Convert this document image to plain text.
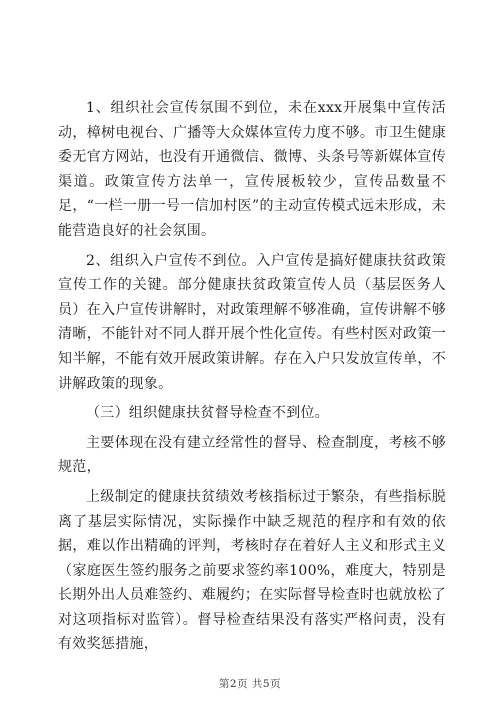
1、组织社会宣传氛围不到位，未在xxx开展集中宣传活动，樟树电视台、广播等大众媒体宣传力度不够。市卫生健康委无官方网站，也没有开通微信、微博、头条号等新媒体宣传渠道。政策宣传方法单一，宣传展板较少，宣传品数量不足，“一栏一册一号一信加村医”的主动宣传模式远未形成，未能营造良好的社会氛围。

2、组织入户宣传不到位。入户宣传是搞好健康扶贫政策宣传工作的关键。部分健康扶贫政策宣传人员（基层医务人员）在入户宣传讲解时，对政策理解不够准确，宣传讲解不够清晰，不能针对不同人群开展个性化宣传。有些村医对政策一知半解，不能有效开展政策讲解。存在入户只发放宣传单，不讲解政策的现象。

（三）组织健康扶贫督导检查不到位。

主要体现在没有建立经常性的督导、检查制度，考核不够规范，

上级制定的健康扶贫绩效考核指标过于繁杂，有些指标脱离了基层实际情况，实际操作中缺乏规范的程序和有效的依据，难以作出精确的评判，考核时存在着好人主义和形式主义（家庭医生签约服务之前要求签约率100%，难度大，特别是长期外出人员难签约、难履约；在实际督导检查时也就放松了对这项指标对监管）。督导检查结果没有落实严格问责，没有有效奖惩措施，

第2页 共5页
